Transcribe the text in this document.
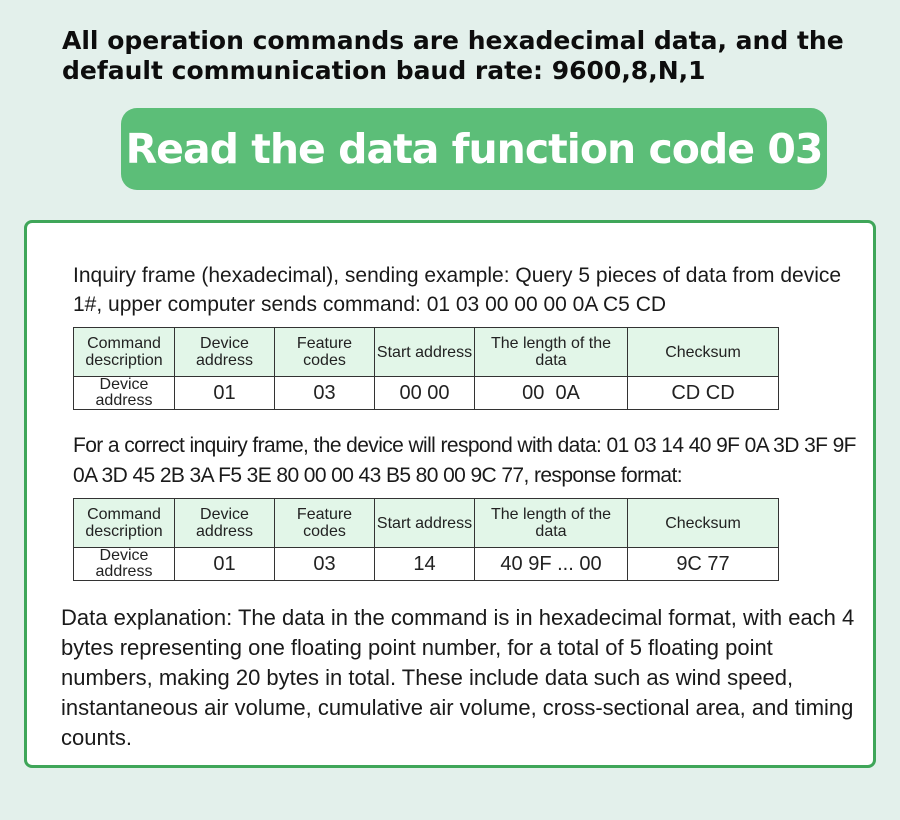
All operation commands are hexadecimal data, and the default communication baud rate: 9600,8,N,1
Read the data function code 03
Inquiry frame (hexadecimal), sending example: Query 5 pieces of data from device 1#, upper computer sends command: 01 03 00 00 00 0A C5 CD
Command description	Device address	Feature codes	Start address	The length of the data	Checksum
Device address	01	03	00 00	00  0A	CD CD
For a correct inquiry frame, the device will respond with data: 01 03 14 40 9F 0A 3D 3F 9F 0A 3D 45 2B 3A F5 3E 80 00 00 43 B5 80 00 9C 77, response format:
Command description	Device address	Feature codes	Start address	The length of the data	Checksum
Device address	01	03	14	40 9F ... 00	9C 77
Data explanation: The data in the command is in hexadecimal format, with each 4 bytes representing one floating point number, for a total of 5 floating point numbers, making 20 bytes in total. These include data such as wind speed, instantaneous air volume, cumulative air volume, cross-sectional area, and timing counts.
